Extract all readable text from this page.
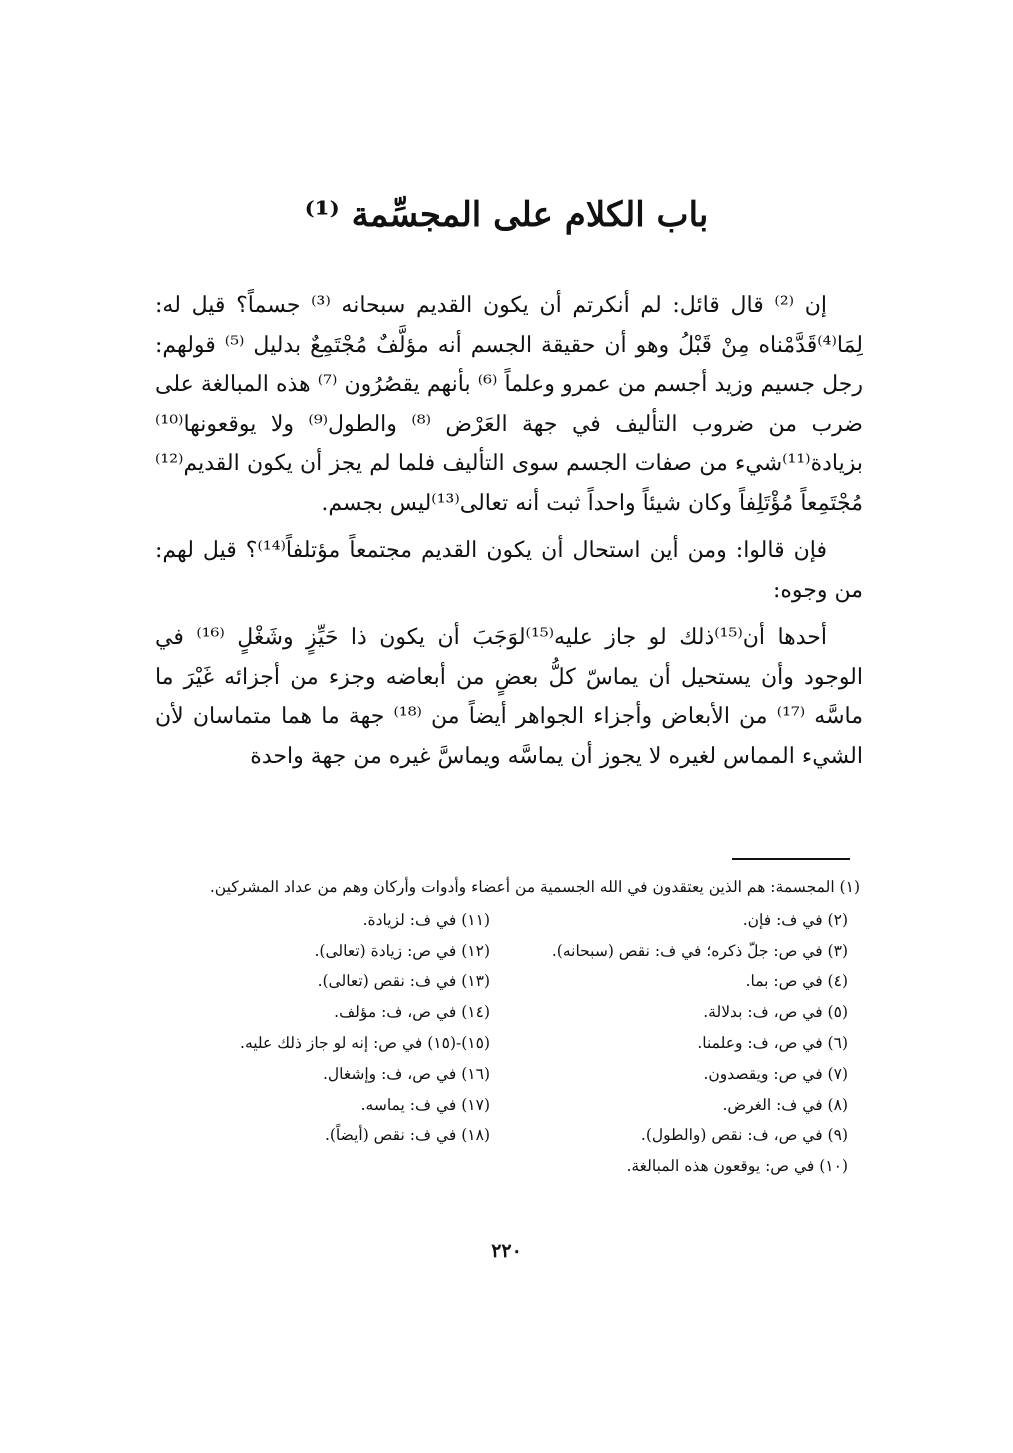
باب الكلام على المجسِّمة ⁽¹⁾

إن ⁽²⁾ قال قائل: لم أنكرتم أن يكون القديم سبحانه ⁽³⁾ جسماً؟ قيل له: لِمَا⁽⁴⁾قَدَّمْناه مِنْ قَبْلُ وهو أن حقيقة الجسم أنه مؤلَّفٌ مُجْتَمِعٌ بدليل ⁽⁵⁾ قولهم: رجل جسيم وزيد أجسم من عمرو وعلماً ⁽⁶⁾ بأنهم يقصُرُون ⁽⁷⁾ هذه المبالغة على ضرب من ضروب التأليف في جهة العَرْض ⁽⁸⁾ والطول⁽⁹⁾ ولا يوقعونها⁽¹⁰⁾بزيادة⁽¹¹⁾شيء من صفات الجسم سوى التأليف فلما لم يجز أن يكون القديم⁽¹²⁾مُجْتَمِعاً مُؤْتَلِفاً وكان شيئاً واحداً ثبت أنه تعالى⁽¹³⁾ليس بجسم.

فإن قالوا: ومن أين استحال أن يكون القديم مجتمعاً مؤتلفاً⁽¹⁴⁾؟ قيل لهم: من وجوه:

أحدها أن⁽¹⁵⁾ذلك لو جاز عليه⁽¹⁵⁾لوَجَبَ أن يكون ذا حَيِّزٍ وشَغْلٍ ⁽¹⁶⁾ في الوجود وأن يستحيل أن يماسّ كلُّ بعضٍ من أبعاضه وجزء من أجزائه غَيْرَ ما ماسَّه ⁽¹⁷⁾ من الأبعاض وأجزاء الجواهر أيضاً من ⁽¹⁸⁾ جهة ما هما متماسان لأن الشيء المماس لغيره لا يجوز أن يماسَّه ويماسَّ غيره من جهة واحدة

(١) المجسمة: هم الذين يعتقدون في الله الجسمية من أعضاء وأدوات وأركان وهم من عداد المشركين.

(٢) في ف: فإن.

(٣) في ص: جلّ ذكره؛ في ف: نقص (سبحانه).

(٤) في ص: بما.

(٥) في ص، ف: بدلالة.

(٦) في ص، ف: وعلمنا.

(٧) في ص: ويقصدون.

(٨) في ف: الغرض.

(٩) في ص، ف: نقص (والطول).

(١٠) في ص: يوقعون هذه المبالغة.

(١١) في ف: لزيادة.

(١٢) في ص: زيادة (تعالى).

(١٣) في ف: نقص (تعالى).

(١٤) في ص، ف: مؤلف.

(١٥)-(١٥) في ص: إنه لو جاز ذلك عليه.

(١٦) في ص، ف: وإشغال.

(١٧) في ف: يماسه.

(١٨) في ف: نقص (أيضاً).

٢٢٠
